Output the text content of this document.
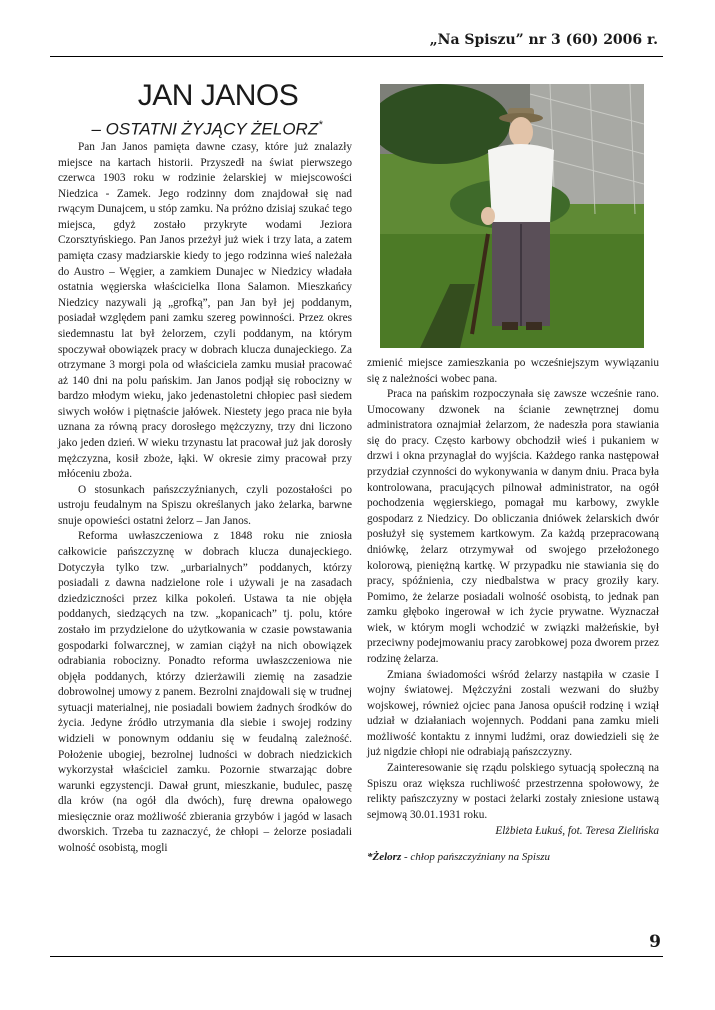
„Na Spiszu” nr 3 (60) 2006 r.
JAN JANOS
– OSTATNI ŻYJĄCY ŻELORZ*

Pan Jan Janos pamięta dawne czasy, które już znalazły miejsce na kartach historii. Przyszedł na świat pierwszego czerwca 1903 roku w rodzinie żelarskiej w miejscowości Niedzica - Zamek. Jego rodzinny dom znajdował się nad rwącym Dunajcem, u stóp zamku. Na próżno dzisiaj szukać tego miejsca, gdyż zostało przykryte wodami Jeziora Czorsztyńskiego. Pan Janos przeżył już wiek i trzy lata, a zatem pamięta czasy madziarskie kiedy to jego rodzinna wieś należała do Austro – Węgier, a zamkiem Dunajec w Niedzicy władała ostatnia węgierska właścicielka Ilona Salamon. Mieszkańcy Niedzicy nazywali ją „grofką”, pan Jan był jej poddanym, posiadał względem pani zamku szereg powinności. Przez okres siedemnastu lat był żelorzem, czyli poddanym, na którym spoczywał obowiązek pracy w dobrach klucza dunajeckiego. Za otrzymane 3 morgi pola od właściciela zamku musiał pracować aż 140 dni na polu pańskim. Jan Janos podjął się robocizny w bardzo młodym wieku, jako jedenastoletni chłopiec pasł siedem siwych wołów i piętnaście jałówek. Niestety jego praca nie była uznana za równą pracy dorosłego mężczyzny, trzy dni liczono jako jeden dzień. W wieku trzynastu lat pracował już jak dorosły mężczyzna, kosił zboże, łąki. W okresie zimy pracował przy młóceniu zboża.

O stosunkach pańszczyźnianych, czyli pozostałości po ustroju feudalnym na Spiszu określanych jako żelarka, barwne snuje opowieści ostatni żelorz – Jan Janos.

Reforma uwłaszczeniowa z 1848 roku nie zniosła całkowicie pańszczyznę w dobrach klucza dunajeckiego. Dotyczyła tylko tzw. „urbarialnych” poddanych, którzy posiadali z dawna nadzielone role i używali je na zasadach dziedziczności przez kilka pokoleń. Ustawa ta nie objęła poddanych, siedzących na tzw. „kopanicach” tj. polu, które zostało im przydzielone do użytkowania w czasie powstawania gospodarki folwarcznej, w zamian ciążył na nich obowiązek odrabiania robocizny. Ponadto reforma uwłaszczeniowa nie objęła poddanych, którzy dzierżawili ziemię na zasadzie dobrowolnej umowy z panem. Bezrolni znajdowali się w trudnej sytuacji materialnej, nie posiadali bowiem żadnych środków do życia. Jedyne źródło utrzymania dla siebie i swojej rodziny widzieli w ponownym oddaniu się w feudalną zależność. Położenie ubogiej, bezrolnej ludności w dobrach niedzickich wykorzystał właściciel zamku. Pozornie stwarzając dobre warunki egzystencji. Dawał grunt, mieszkanie, budulec, paszę dla krów (na ogół dla dwóch), furę drewna opałowego miesięcznie oraz możliwość zbierania grzybów i jagód w lasach dworskich. Trzeba tu zaznaczyć, że chłopi – żelorze posiadali wolność osobistą, mogli

zmienić miejsce zamieszkania po wcześniejszym wywiązaniu się z należności wobec pana.

Praca na pańskim rozpoczynała się zawsze wcześnie rano. Umocowany dzwonek na ścianie zewnętrznej domu administratora oznajmiał żelarzom, że nadeszła pora stawiania się do pracy. Często karbowy obchodził wieś i pukaniem w drzwi i okna przynaglał do wyjścia. Każdego ranka następował przydział czynności do wykonywania w danym dniu. Praca była kontrolowana, pracujących pilnował administrator, na ogół pochodzenia węgierskiego, pomagał mu karbowy, zwykle gospodarz z Niedzicy. Do obliczania dniówek żelarskich dwór posłużył się systemem kartkowym. Za każdą przepracowaną dniówkę, żelarz otrzymywał od swojego przełożonego kolorową, pieniężną kartkę. W przypadku nie stawiania się do pracy, spóźnienia, czy niedbalstwa w pracy groziły kary. Pomimo, że żelarze posiadali wolność osobistą, to jednak pan zamku głęboko ingerował w ich życie prywatne. Wyznaczał wiek, w którym mogli wchodzić w związki małżeńskie, był przeciwny podejmowaniu pracy zarobkowej poza dworem przez rodzinę żelarza.

Zmiana świadomości wśród żelarzy nastąpiła w czasie I wojny światowej. Mężczyźni zostali wezwani do służby wojskowej, również ojciec pana Janosa opuścił rodzinę i wziął udział w działaniach wojennych. Poddani pana zamku mieli możliwość kontaktu z innymi ludźmi, oraz dowiedzieli się że już nigdzie chłopi nie odrabiają pańszczyzny.

Zainteresowanie się rządu polskiego sytuacją społeczną na Spiszu oraz większa ruchliwość przestrzenna społowowy, że relikty pańszczyzny w postaci żelarki zostały zniesione ustawą sejmową 30.01.1931 roku.

Elżbieta Łukuś, fot. Teresa Zielińska
*Żelorz - chłop pańszczyźniany na Spiszu
9
